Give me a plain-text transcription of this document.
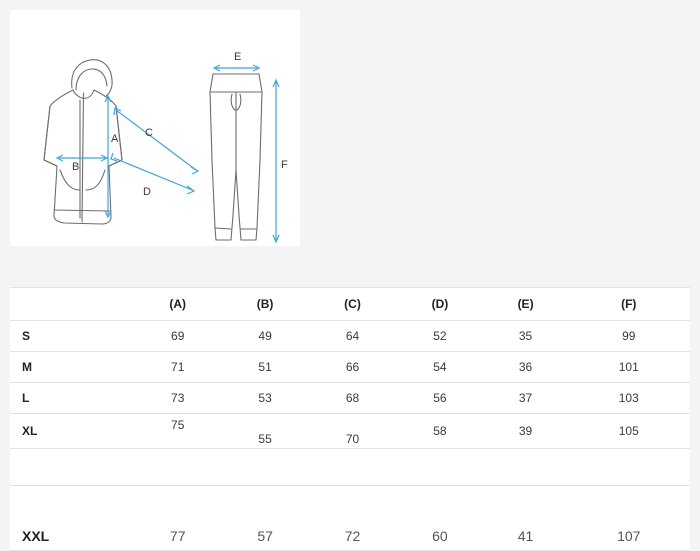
A
B
C
D
E
F
	(A)	(B)	(C)	(D)	(E)	(F)
S	69	49	64	52	35	99
M	71	51	66	54	36	101
L	73	53	68	56	37	103
XL	75	55	70	58	39	105

XXL	77	57	72	60	41	107
